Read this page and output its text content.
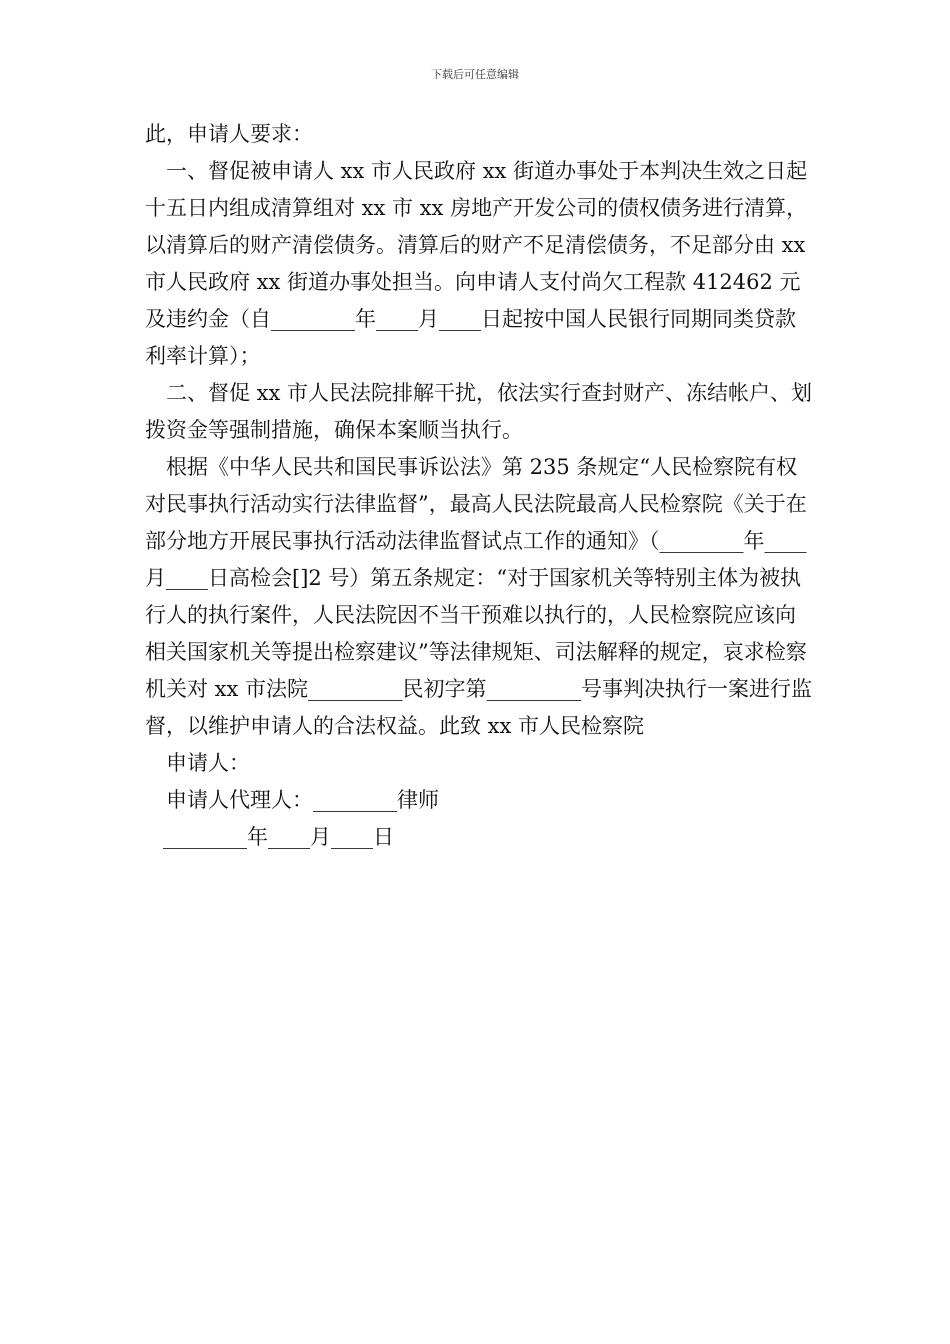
下载后可任意编辑

此，申请人要求：

一、督促被申请人 xx 市人民政府 xx 街道办事处于本判决生效之日起十五日内组成清算组对 xx 市 xx 房地产开发公司的债权债务进行清算，以清算后的财产清偿债务。清算后的财产不足清偿债务，不足部分由 xx 市人民政府 xx 街道办事处担当。向申请人支付尚欠工程款 412462 元及违约金（自________年____月____日起按中国人民银行同期同类贷款利率计算）；

二、督促 xx 市人民法院排解干扰，依法实行查封财产、冻结帐户、划拨资金等强制措施，确保本案顺当执行。

根据《中华人民共和国民事诉讼法》第 235 条规定“人民检察院有权对民事执行活动实行法律监督”，最高人民法院最高人民检察院《关于在部分地方开展民事执行活动法律监督试点工作的通知》（________年____月____日高检会[]2 号）第五条规定：“对于国家机关等特别主体为被执行人的执行案件，人民法院因不当干预难以执行的，人民检察院应该向相关国家机关等提出检察建议”等法律规矩、司法解释的规定，哀求检察机关对 xx 市法院_________民初字第_________号事判决执行一案进行监督，以维护申请人的合法权益。此致 xx 市人民检察院

申请人：

申请人代理人：________律师

________年____月____日
